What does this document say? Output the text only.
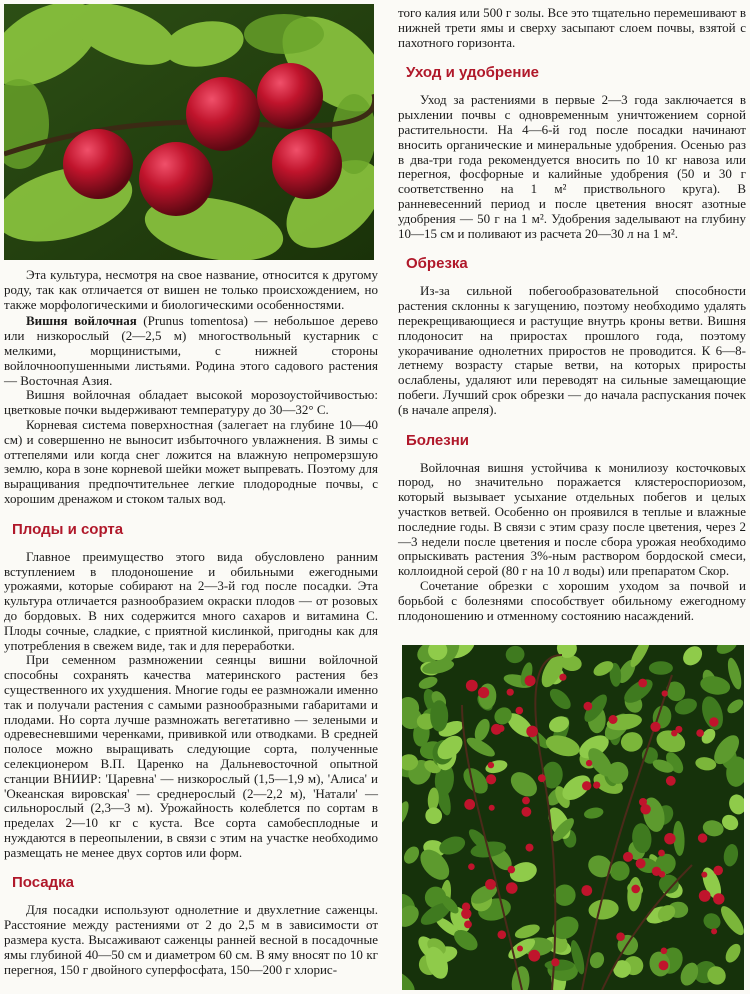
Эта культура, несмотря на свое название, относится к другому роду, так как отличается от вишен не только происхождением, но также морфологическими и биологическими особенностями.

Вишня войлочная (Prunus tomentosa) — небольшое дерево или низкорослый (2—2,5 м) многоствольный кустарник с мелкими, морщинистыми, с нижней стороны войлочноопушенными листьями. Родина этого садового растения — Восточная Азия.

Вишня войлочная обладает высокой морозоустойчивостью: цветковые почки выдерживают температуру до 30—32° С.

Корневая система поверхностная (залегает на глубине 10—40 см) и совершенно не выносит избыточного увлажнения. В зимы с оттепелями или когда снег ложится на влажную непромерзшую землю, кора в зоне корневой шейки может выпревать. Поэтому для выращивания предпочтительнее легкие плодородные почвы, с хорошим дренажом и стоком талых вод.

Плоды и сорта

Главное преимущество этого вида обусловлено ранним вступлением в плодоношение и обильными ежегодными урожаями, которые собирают на 2—3-й год после посадки. Эта культура отличается разнообразием окраски плодов — от розовых до бордовых. В них содержится много сахаров и витамина С. Плоды сочные, сладкие, с приятной кислинкой, пригодны как для употребления в свежем виде, так и для переработки.

При семенном размножении сеянцы вишни войлочной способны сохранять качества материнского растения без существенного их ухудшения. Многие годы ее размножали именно так и получали растения с самыми разнообразными габаритами и плодами. Но сорта лучше размножать вегетативно — зелеными и одревесневшими черенками, прививкой или отводками. В средней полосе можно выращивать следующие сорта, полученные селекционером В.П. Царенко на Дальневосточной опытной станции ВНИИР: 'Царевна' — низкорослый (1,5—1,9 м), 'Алиса' и 'Океанская вировская' — среднерослый (2—2,2 м), 'Натали' — сильнорослый (2,3—3 м). Урожайность колеблется по сортам в пределах 2—10 кг с куста. Все сорта самобесплодные и нуждаются в переопылении, в связи с этим на участке необходимо размещать не менее двух сортов или форм.

Посадка

Для посадки используют однолетние и двухлетние саженцы. Расстояние между растениями от 2 до 2,5 м в зависимости от размера куста. Высаживают саженцы ранней весной в посадочные ямы глубиной 40—50 см и диаметром 60 см. В яму вносят по 10 кг перегноя, 150 г двойного суперфосфата, 150—200 г хлорис-

того калия или 500 г золы. Все это тщательно перемешивают в нижней трети ямы и сверху засыпают слоем почвы, взятой с пахотного горизонта.

Уход и удобрение

Уход за растениями в первые 2—3 года заключается в рыхлении почвы с одновременным уничтожением сорной растительности. На 4—6-й год после посадки начинают вносить органические и минеральные удобрения. Осенью раз в два-три года рекомендуется вносить по 10 кг навоза или перегноя, фосфорные и калийные удобрения (50 и 30 г соответственно на 1 м² приствольного круга). В ранневесенний период и после цветения вносят азотные удобрения — 50 г на 1 м². Удобрения заделывают на глубину 10—15 см и поливают из расчета 20—30 л на 1 м².

Обрезка

Из-за сильной побегообразовательной способности растения склонны к загущению, поэтому необходимо удалять перекрещивающиеся и растущие внутрь кроны ветви. Вишня плодоносит на приростах прошлого года, поэтому укорачивание однолетних приростов не проводится. К 6—8-летнему возрасту старые ветви, на которых приросты ослаблены, удаляют или переводят на сильные замещающие побеги. Лучший срок обрезки — до начала распускания почек (в начале апреля).

Болезни

Войлочная вишня устойчива к монилиозу косточковых пород, но значительно поражается клястероспориозом, который вызывает усыхание отдельных побегов и целых участков ветвей. Особенно он проявился в теплые и влажные последние годы. В связи с этим сразу после цветения, через 2—3 недели после цветения и после сбора урожая необходимо опрыскивать растения 3%-ным раствором бордоской смеси, коллоидной серой (80 г на 10 л воды) или препаратом Скор.

Сочетание обрезки с хорошим уходом за почвой и борьбой с болезнями способствует обильному ежегодному плодоношению и отменному состоянию насаждений.
